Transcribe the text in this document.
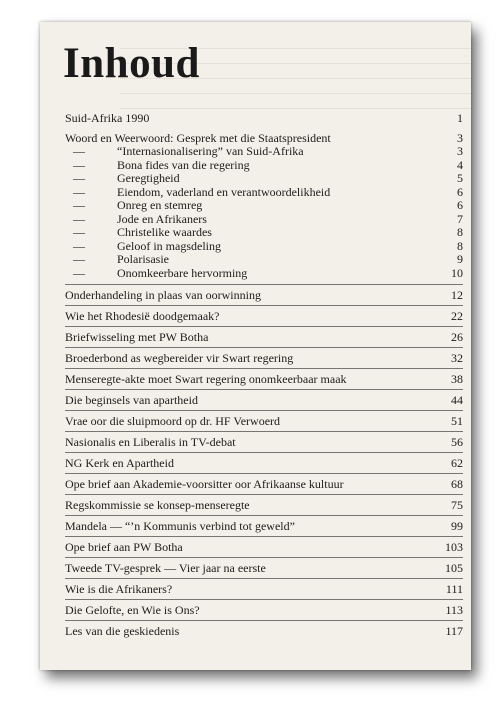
Inhoud
Suid-Afrika 1990	1
Woord en Weerwoord: Gesprek met die Staatspresident	3
— “Internasionalisering” van Suid-Afrika	3
— Bona fides van die regering	4
— Geregtigheid	5
— Eiendom, vaderland en verantwoordelikheid	6
— Onreg en stemreg	6
— Jode en Afrikaners	7
— Christelike waardes	8
— Geloof in magsdeling	8
— Polarisasie	9
— Onomkeerbare hervorming	10
Onderhandeling in plaas van oorwinning	12
Wie het Rhodesië doodgemaak?	22
Briefwisseling met PW Botha	26
Broederbond as wegbereider vir Swart regering	32
Menseregte-akte moet Swart regering onomkeerbaar maak	38
Die beginsels van apartheid	44
Vrae oor die sluipmoord op dr. HF Verwoerd	51
Nasionalis en Liberalis in TV-debat	56
NG Kerk en Apartheid	62
Ope brief aan Akademie-voorsitter oor Afrikaanse kultuur	68
Regskommissie se konsep-menseregte	75
Mandela — “’n Kommunis verbind tot geweld”	99
Ope brief aan PW Botha	103
Tweede TV-gesprek — Vier jaar na eerste	105
Wie is die Afrikaners?	111
Die Gelofte, en Wie is Ons?	113
Les van die geskiedenis	117
